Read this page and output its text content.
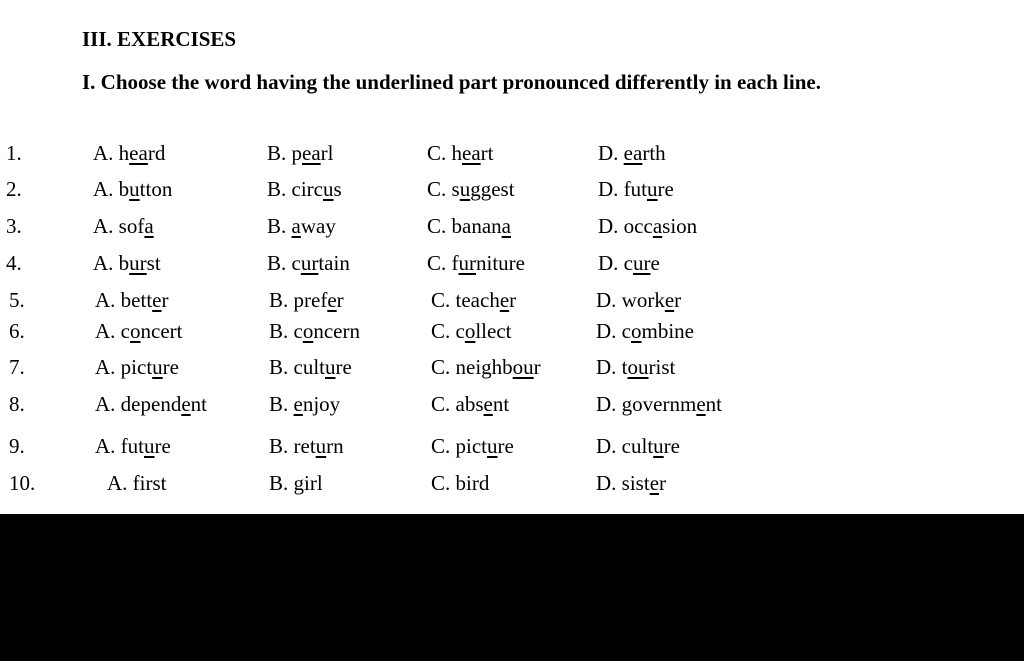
III. EXERCISES
I. Choose the word having the underlined part pronounced differently in each line.
1.	A. heard	B. pearl	C. heart	D. earth
2.	A. button	B. circus	C. suggest	D. future
3.	A. sofa	B. away	C. banana	D. occasion
4.	A. burst	B. curtain	C. furniture	D. cure
5.	A. better	B. prefer	C. teacher	D. worker
6.	A. concert	B. concern	C. collect	D. combine
7.	A. picture	B. culture	C. neighbour	D. tourist
8.	A. dependent	B. enjoy	C. absent	D. government
9.	A. future	B. return	C. picture	D. culture
10.	A. first	B. girl	C. bird	D. sister
